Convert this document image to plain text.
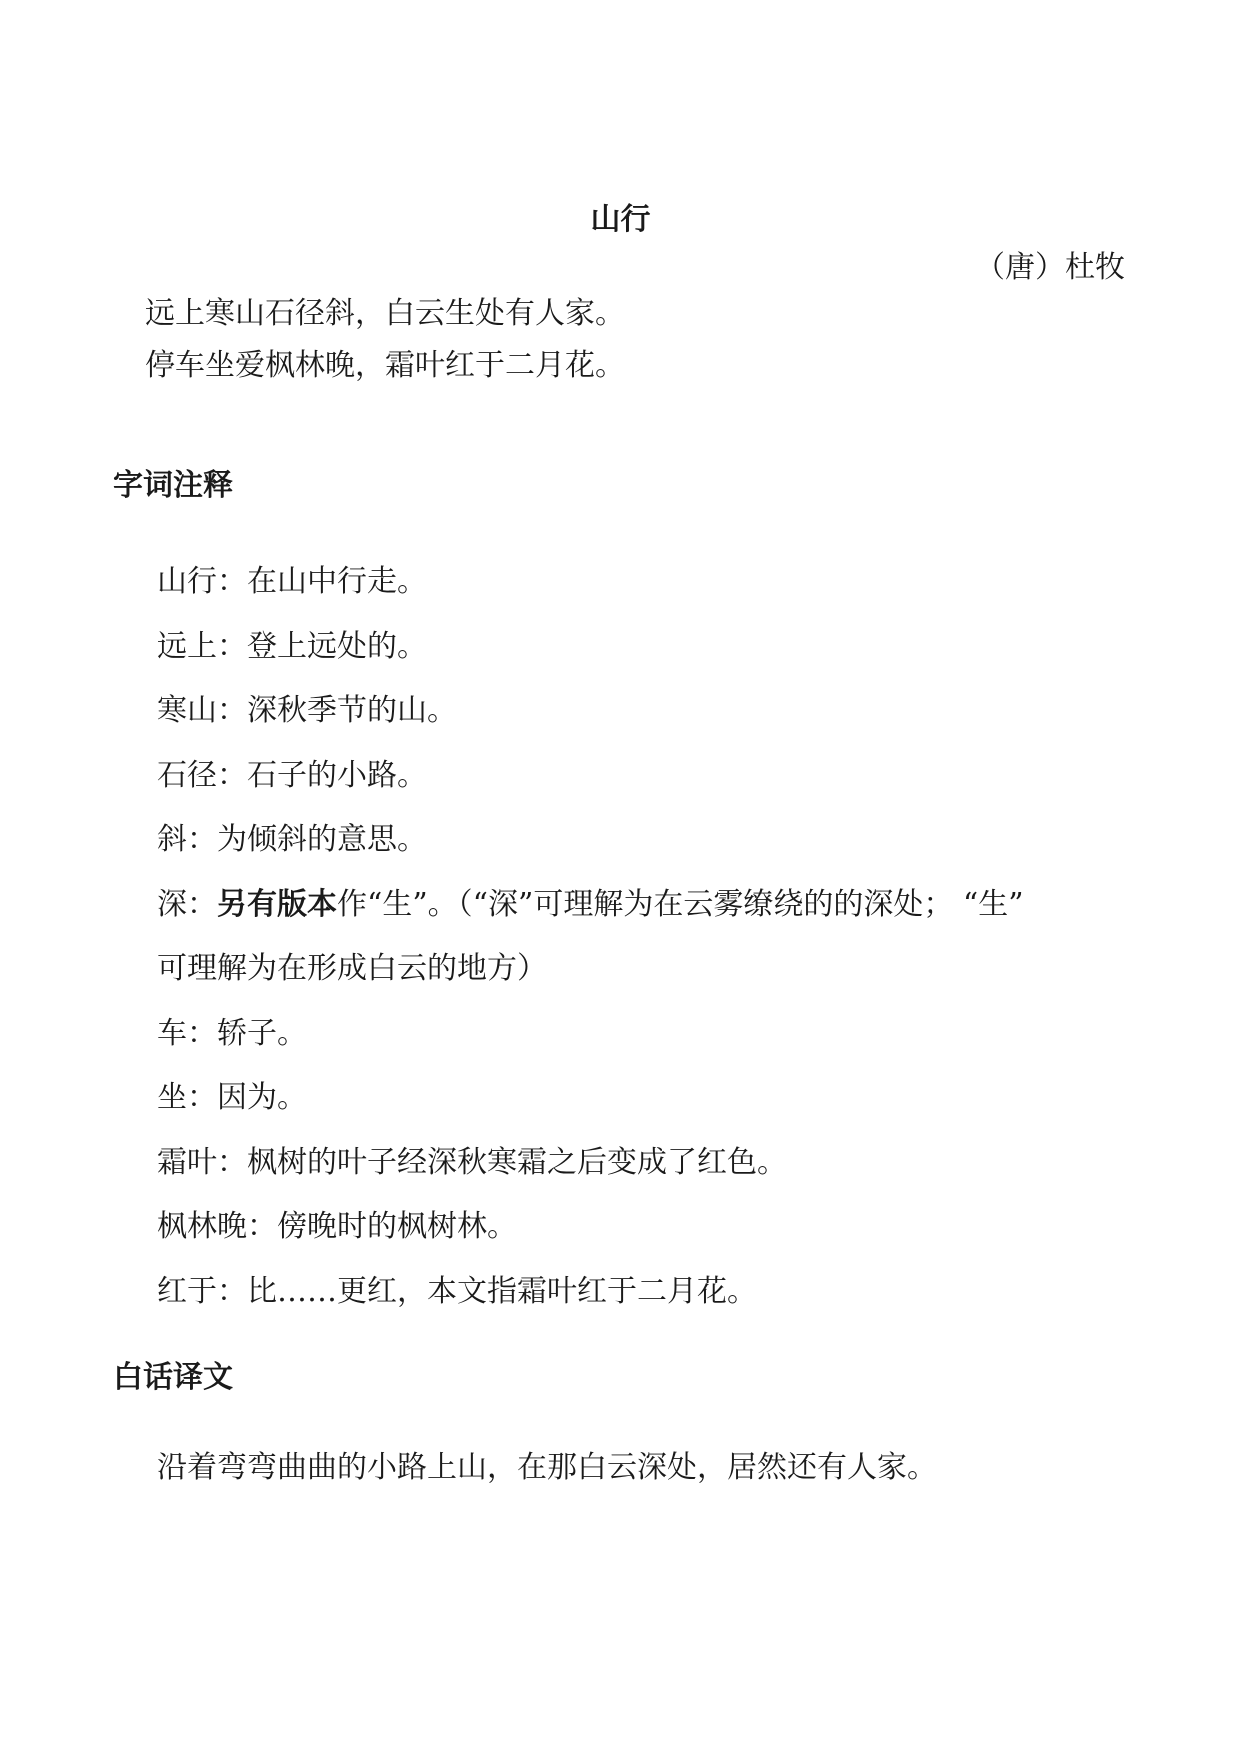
山行
（唐）杜牧
远上寒山石径斜，白云生处有人家。
停车坐爱枫林晚，霜叶红于二月花。
字词注释
山行：在山中行走。
远上：登上远处的。
寒山：深秋季节的山。
石径：石子的小路。
斜：为倾斜的意思。
深：另有版本作“生”。（“深”可理解为在云雾缭绕的的深处； “生”
可理解为在形成白云的地方）
车：轿子。
坐：因为。
霜叶：枫树的叶子经深秋寒霜之后变成了红色。
枫林晚：傍晚时的枫树林。
红于：比……更红，本文指霜叶红于二月花。
白话译文
沿着弯弯曲曲的小路上山，在那白云深处，居然还有人家。
